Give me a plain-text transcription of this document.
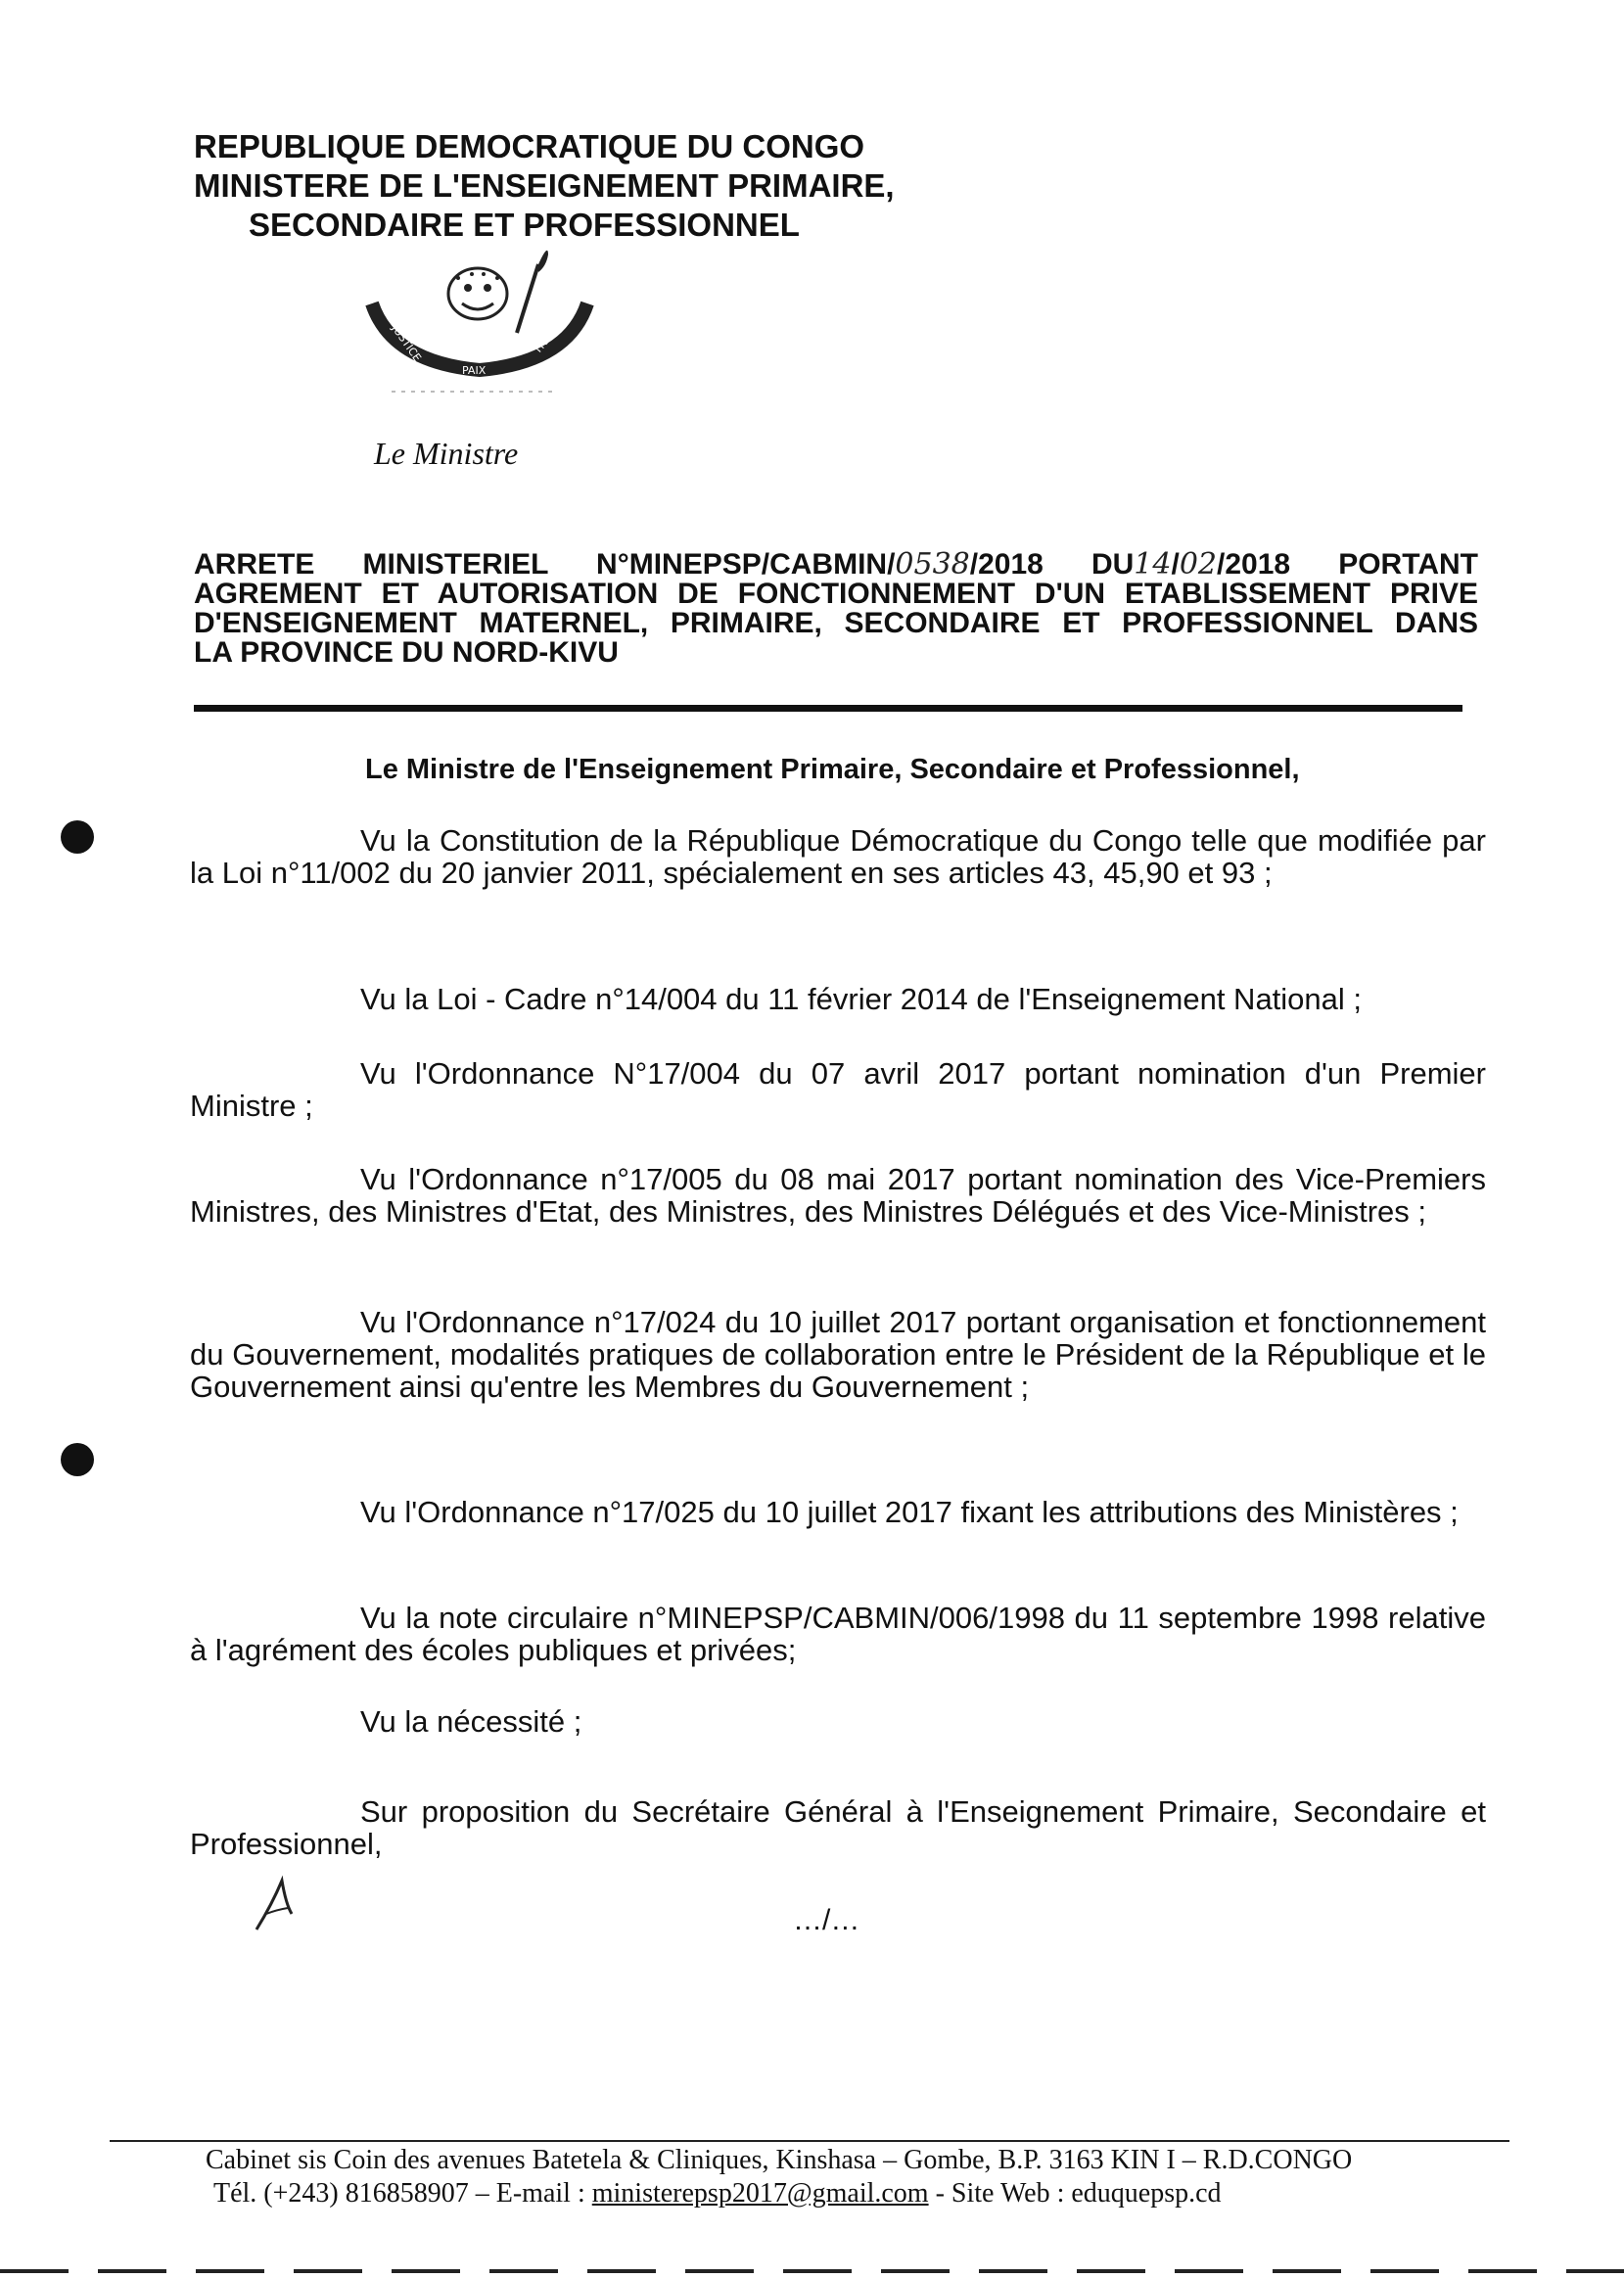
REPUBLIQUE DEMOCRATIQUE DU CONGO
MINISTERE DE L'ENSEIGNEMENT PRIMAIRE,
SECONDAIRE ET PROFESSIONNEL
JUSTICE
PAIX
TRAVAIL
Le Ministre
ARRETE MINISTERIEL N°MINEPSP/CABMIN/0538/2018 DU14/02/2018 PORTANT
AGREMENT ET AUTORISATION DE FONCTIONNEMENT D'UN ETABLISSEMENT PRIVE
D'ENSEIGNEMENT MATERNEL, PRIMAIRE, SECONDAIRE ET PROFESSIONNEL DANS
LA PROVINCE DU NORD-KIVU
Le Ministre de l'Enseignement Primaire, Secondaire et Professionnel,
Vu la Constitution de la République Démocratique du Congo telle que modifiée par la Loi n°11/002 du 20 janvier 2011, spécialement en ses articles 43, 45,90 et 93 ;
Vu la Loi - Cadre n°14/004 du 11 février 2014 de l'Enseignement National ;
Vu l'Ordonnance N°17/004 du 07 avril 2017 portant nomination d'un Premier Ministre ;
Vu l'Ordonnance n°17/005 du 08 mai 2017 portant nomination des Vice-Premiers Ministres, des Ministres d'Etat, des Ministres, des Ministres Délégués et des Vice-Ministres ;
Vu l'Ordonnance n°17/024 du 10 juillet 2017 portant organisation et fonctionnement du Gouvernement, modalités pratiques de collaboration entre le Président de la République et le Gouvernement ainsi qu'entre les Membres du Gouvernement ;
Vu l'Ordonnance n°17/025 du 10 juillet 2017 fixant les attributions des Ministères ;
Vu la note circulaire n°MINEPSP/CABMIN/006/1998 du 11 septembre 1998 relative à l'agrément des écoles publiques et privées;
Vu la nécessité ;
Sur proposition du Secrétaire Général à l'Enseignement Primaire, Secondaire et Professionnel,
…/…
Cabinet sis Coin des avenues Batetela & Cliniques, Kinshasa – Gombe, B.P. 3163 KIN I – R.D.CONGO
Tél. (+243) 816858907 – E-mail : ministerepsp2017@gmail.com - Site Web : eduquepsp.cd
